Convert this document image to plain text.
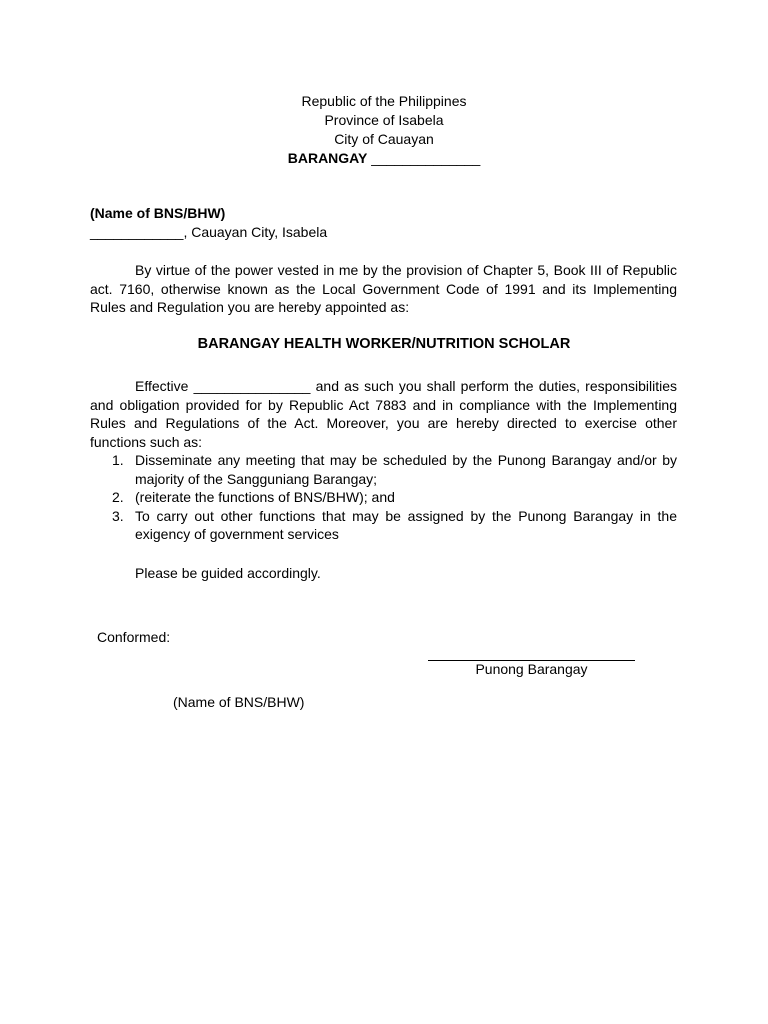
Republic of the Philippines
Province of Isabela
City of Cauayan
BARANGAY ______________
(Name of BNS/BHW)
____________, Cauayan City, Isabela
By virtue of the power vested in me by the provision of Chapter 5, Book III of Republic act. 7160, otherwise known as the Local Government Code of 1991 and its Implementing Rules and Regulation you are hereby appointed as:
BARANGAY HEALTH WORKER/NUTRITION SCHOLAR
Effective _______________ and as such you shall perform the duties, responsibilities and obligation provided for by Republic Act 7883 and in compliance with the Implementing Rules and Regulations of the Act. Moreover, you are hereby directed to exercise other functions such as:
1. Disseminate any meeting that may be scheduled by the Punong Barangay and/or by majority of the Sangguniang Barangay;
2. (reiterate the functions of BNS/BHW); and
3. To carry out other functions that may be assigned by the Punong Barangay in the exigency of government services
Please be guided accordingly.
Conformed:
Punong Barangay
(Name of BNS/BHW)
